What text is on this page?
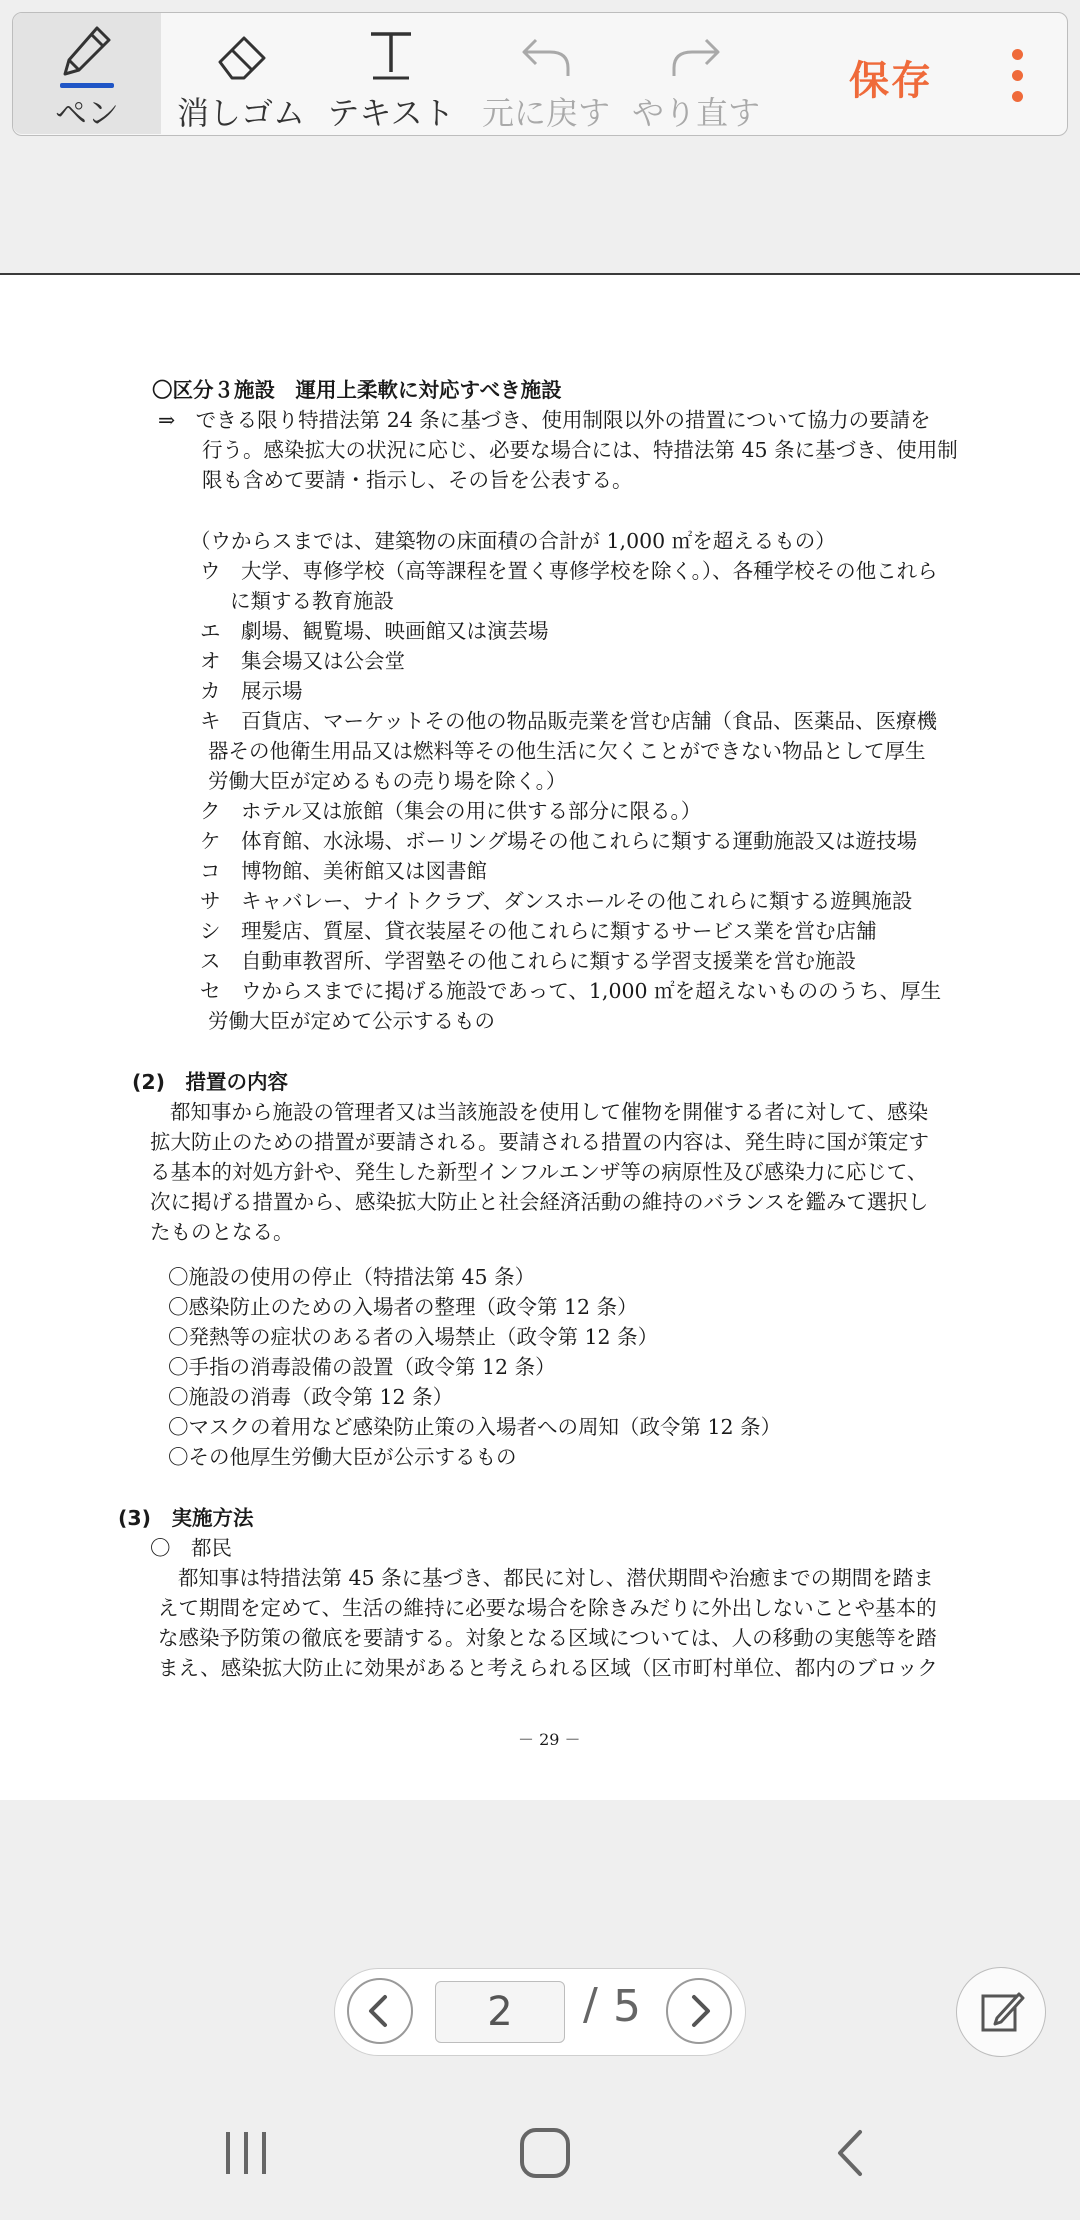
ペン 消しゴム テキスト 元に戻す やり直す
保存
〇区分３施設　運用上柔軟に対応すべき施設
⇒　できる限り特措法第 24 条に基づき、使用制限以外の措置について協力の要請を
行う。感染拡大の状況に応じ、必要な場合には、特措法第 45 条に基づき、使用制
限も含めて要請・指示し、その旨を公表する。
（ウからスまでは、建築物の床面積の合計が 1,000 ㎡を超えるもの）
ウ　大学、専修学校（高等課程を置く専修学校を除く。）、各種学校その他これら
に類する教育施設
エ　劇場、観覧場、映画館又は演芸場
オ　集会場又は公会堂
カ　展示場
キ　百貨店、マーケットその他の物品販売業を営む店舗（食品、医薬品、医療機
器その他衛生用品又は燃料等その他生活に欠くことができない物品として厚生
労働大臣が定めるもの売り場を除く。）
ク　ホテル又は旅館（集会の用に供する部分に限る。）
ケ　体育館、水泳場、ボーリング場その他これらに類する運動施設又は遊技場
コ　博物館、美術館又は図書館
サ　キャバレー、ナイトクラブ、ダンスホールその他これらに類する遊興施設
シ　理髪店、質屋、貸衣装屋その他これらに類するサービス業を営む店舗
ス　自動車教習所、学習塾その他これらに類する学習支援業を営む施設
セ　ウからスまでに掲げる施設であって、1,000 ㎡を超えないもののうち、厚生
労働大臣が定めて公示するもの
(2)　措置の内容
都知事から施設の管理者又は当該施設を使用して催物を開催する者に対して、感染
拡大防止のための措置が要請される。要請される措置の内容は、発生時に国が策定す
る基本的対処方針や、発生した新型インフルエンザ等の病原性及び感染力に応じて、
次に掲げる措置から、感染拡大防止と社会経済活動の維持のバランスを鑑みて選択し
たものとなる。
〇施設の使用の停止（特措法第 45 条）
〇感染防止のための入場者の整理（政令第 12 条）
〇発熱等の症状のある者の入場禁止（政令第 12 条）
〇手指の消毒設備の設置（政令第 12 条）
〇施設の消毒（政令第 12 条）
〇マスクの着用など感染防止策の入場者への周知（政令第 12 条）
〇その他厚生労働大臣が公示するもの
(3)　実施方法
〇　都民
都知事は特措法第 45 条に基づき、都民に対し、潜伏期間や治癒までの期間を踏ま
えて期間を定めて、生活の維持に必要な場合を除きみだりに外出しないことや基本的
な感染予防策の徹底を要請する。対象となる区域については、人の移動の実態等を踏
まえ、感染拡大防止に効果があると考えられる区域（区市町村単位、都内のブロック
－ 29 －
2	/ 5
